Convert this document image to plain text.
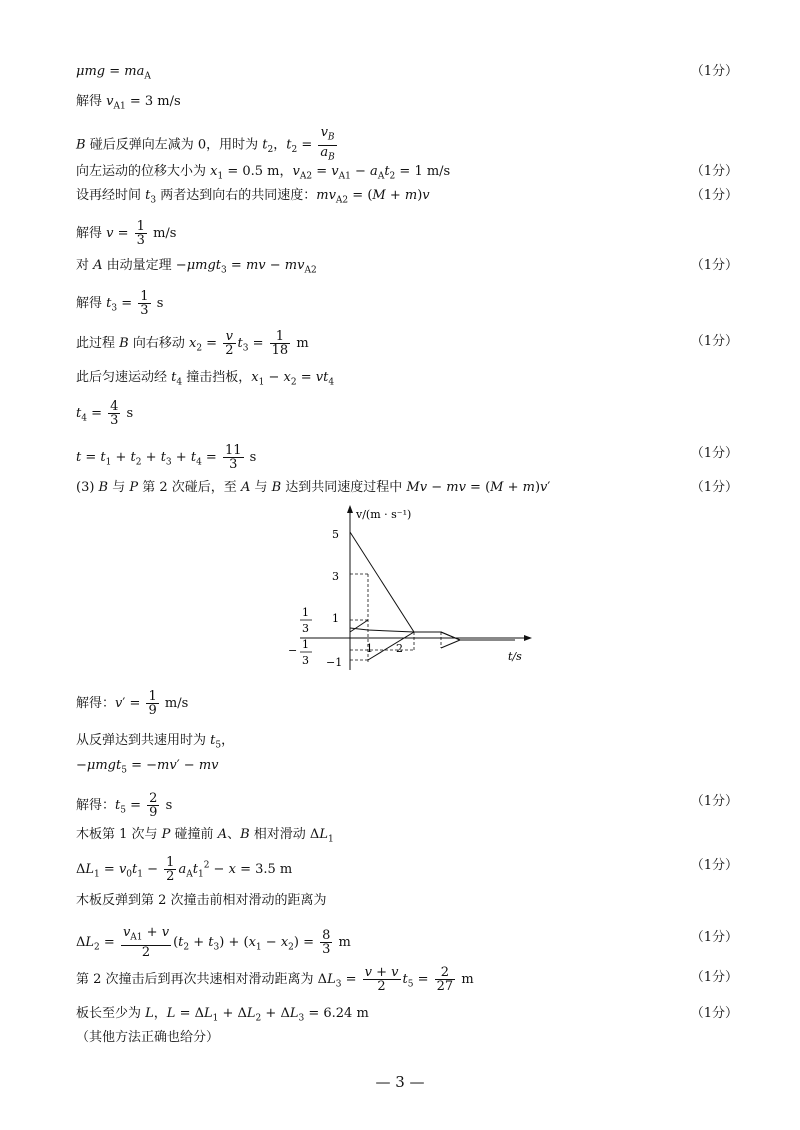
$\mu mg = ma_A$	（1分）
解得 $v_{A1} = 3$ m/s
B 碰后反弹向左减为 0，用时为 $t_2$，$t_2 = \frac{v_B}{a_B}$
向左运动的位移大小为 $x_1 = 0.5$ m，$v_{A2} = v_{A1} - a_At_2 = 1$ m/s	（1分）
设再经时间 $t_3$ 两者达到向右的共同速度：$mv_{A2} = (M + m)v$	（1分）
解得 $v = \frac{1}{3} m/s$
对 A 由动量定理 −μmgt$_3$ = mv − $mv_{A2}$	（1分）
解得 $t_3 = \frac{1}{3}$ s
此过程 B 向右移动 $x_2 = \frac{v}{2} t_3 = \frac{1}{18}$ m	（1分）
此后匀速运动经 $t_4$ 撞击挡板，$x_1 - x_2 = vt_4$
$t_4 = \frac{4}{3}$ s
$t = t_1 + t_2 + t_3 + t_4 = \frac{11}{3}$ s	（1分）
(3) B 与 P 第 2 次碰后，至 A 与 B 达到共同速度过程中 Mv − mv = (M + m)v′	（1分）
v/(m · s⁻¹)
t/s
5
3
1
−1
1
3
− 1
3
1 2
解得：$v' = \frac{1}{9} m/s$
从反弹达到共速用时为 $t_5$，
−μmgt$_5$ = −mv′ − mv
解得：$t_5 = \frac{2}{9}$ s	（1分）
木板第 1 次与 P 碰撞前 A、B 相对滑动 $\Delta L_1$
$\Delta L_1 = v_0t_1 - \frac{1}{2} a_At_1^2 - x = 3.5$ m	（1分）
木板反弹到第 2 次撞击前相对滑动的距离为
$\Delta L_2 = \frac{v_{A1} + v}{2} (t_2 + t_3) + (x_1 - x_2) = \frac{8}{3}$ m	（1分）
第 2 次撞击后到再次共速相对滑动距离为 $\Delta L_3 = \frac{v + v}{2} t_5 = \frac{2}{27}$ m	（1分）
板长至少为 L，$L = \Delta L_1 + \Delta L_2 + \Delta L_3 = 6.24$ m	（1分）
（其他方法正确也给分）
— 3 —
